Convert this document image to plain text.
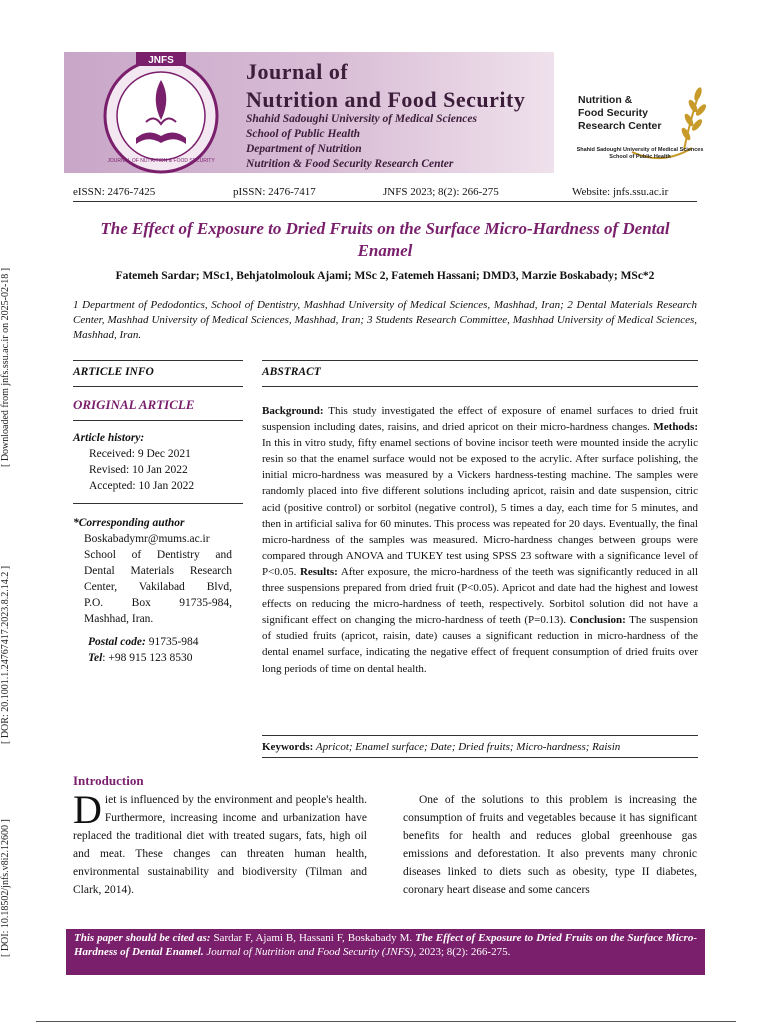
[ Downloaded from jnfs.ssu.ac.ir on 2025-02-18 ]
[ DOR: 20.1001.1.24767417.2023.8.2.14.2 ]
[ DOI: 10.18502/jnfs.v8i2.12600 ]
JNFS
JOURNAL OF NUTRITION & FOOD SECURITY
Journal of
Nutrition and Food Security
Shahid Sadoughi University of Medical Sciences
School of Public Health
Department of Nutrition
Nutrition & Food Security Research Center
Nutrition &
Food Security
Research Center
Shahid Sadoughi University of Medical Sciences
School of Public Health
eISSN: 2476-7425	pISSN: 2476-7417	JNFS 2023; 8(2): 266-275	Website: jnfs.ssu.ac.ir
The Effect of Exposure to Dried Fruits on the Surface Micro-Hardness of Dental Enamel
Fatemeh Sardar; MSc1, Behjatolmolouk Ajami; MSc 2, Fatemeh Hassani; DMD3, Marzie Boskabady; MSc*2
1 Department of Pedodontics, School of Dentistry, Mashhad University of Medical Sciences, Mashhad, Iran; 2 Dental Materials Research Center, Mashhad University of Medical Sciences, Mashhad, Iran; 3 Students Research Committee, Mashhad University of Medical Sciences, Mashhad, Iran.
ARTICLE INFO	ABSTRACT
ORIGINAL ARTICLE
Article history:
Received: 9 Dec 2021
Revised: 10 Jan 2022
Accepted: 10 Jan 2022
*Corresponding author
Boskabadymr@mums.ac.ir
School of Dentistry and
Dental Materials Research
Center, Vakilabad Blvd,
P.O. Box 91735-984,
Mashhad, Iran.
Postal code: 91735-984
Tel: +98 915 123 8530
Background: This study investigated the effect of exposure of enamel surfaces to dried fruit suspension including dates, raisins, and dried apricot on their micro-hardness changes. Methods: In this in vitro study, fifty enamel sections of bovine incisor teeth were mounted inside the acrylic resin so that the enamel surface would not be exposed to the acrylic. After surface polishing, the initial micro-hardness was measured by a Vickers hardness-testing machine. The samples were randomly placed into five different solutions including apricot, raisin and date suspension, citric acid (positive control) or sorbitol (negative control), 5 times a day, each time for 5 minutes, and then in artificial saliva for 60 minutes. This process was repeated for 20 days. Eventually, the final micro-hardness of the samples was measured. Micro-hardness changes between groups were compared through ANOVA and TUKEY test using SPSS 23 software with a significance level of P<0.05. Results: After exposure, the micro-hardness of the teeth was significantly reduced in all three suspensions prepared from dried fruit (P<0.05). Apricot and date had the highest and lowest effects on reducing the micro-hardness of teeth, respectively. Sorbitol solution did not have a significant effect on changing the micro-hardness of teeth (P=0.13). Conclusion: The suspension of studied fruits (apricot, raisin, date) causes a significant reduction in micro-hardness of the dental enamel surface, indicating the negative effect of frequent consumption of dried fruits over long periods of time on dental health.
Keywords: Apricot; Enamel surface; Date; Dried fruits; Micro-hardness; Raisin
Introduction
Diet is influenced by the environment and people's health. Furthermore, increasing income and urbanization have replaced the traditional diet with treated sugars, fats, high oil and meat. These changes can threaten human health, environmental sustainability and biodiversity (Tilman and Clark, 2014).
One of the solutions to this problem is increasing the consumption of fruits and vegetables because it has significant benefits for health and reduces global greenhouse gas emissions and deforestation. It also prevents many chronic diseases linked to diets such as obesity, type II diabetes, coronary heart disease and some cancers
This paper should be cited as: Sardar F, Ajami B, Hassani F, Boskabady M. The Effect of Exposure to Dried Fruits on the Surface Micro-Hardness of Dental Enamel. Journal of Nutrition and Food Security (JNFS), 2023; 8(2): 266-275.
